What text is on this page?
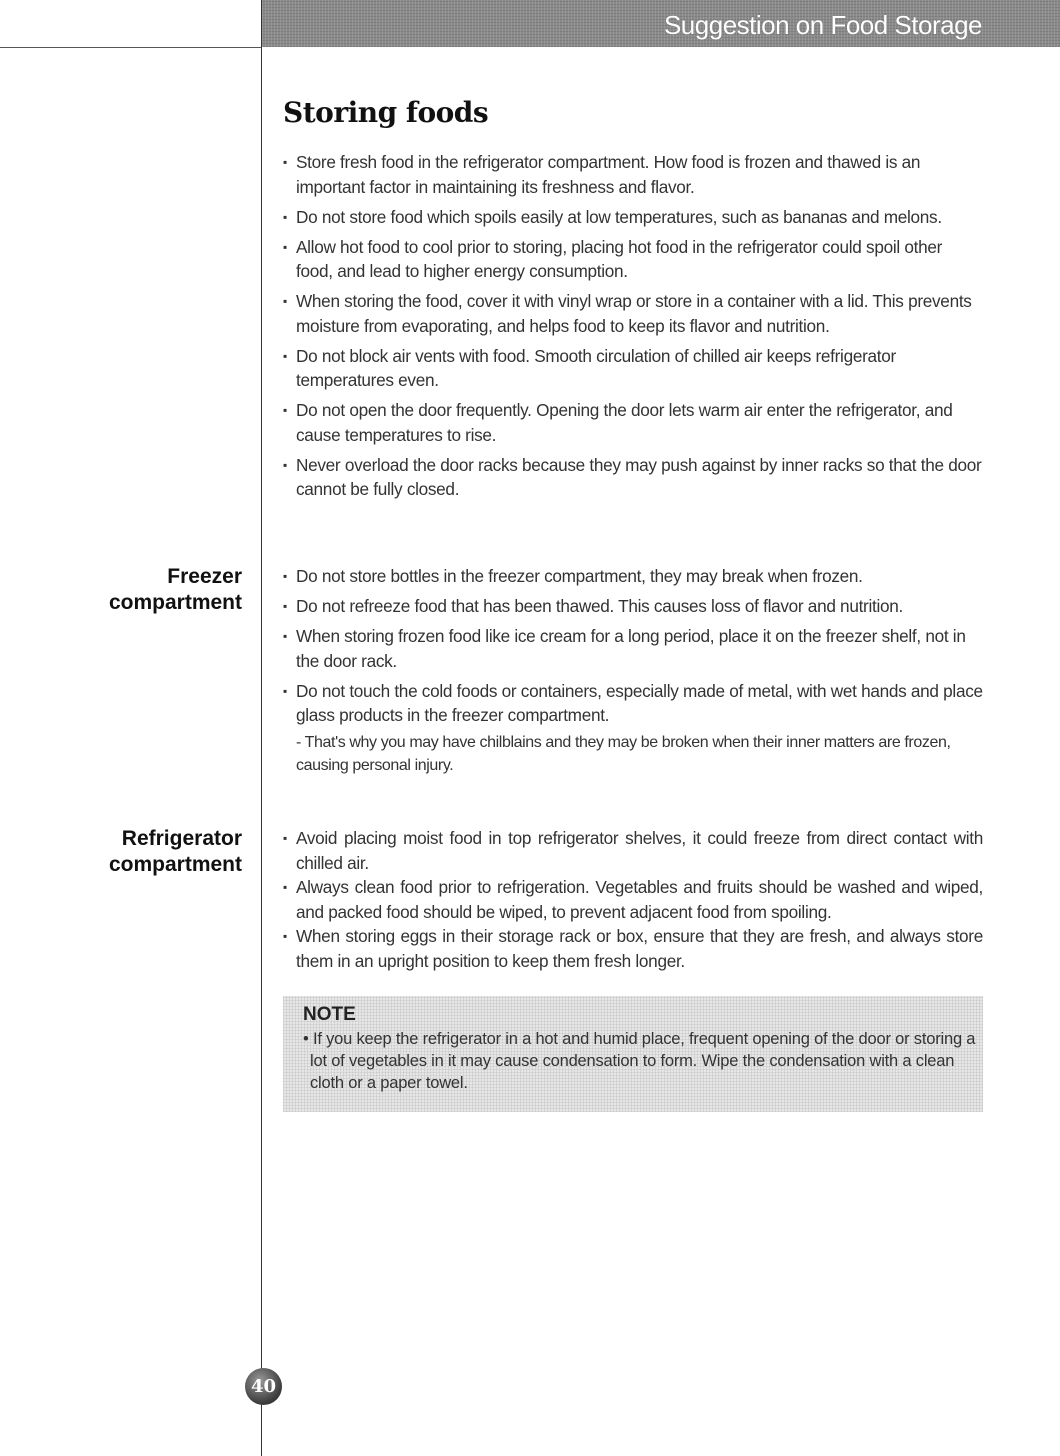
Suggestion on Food Storage
Storing foods
▪ Store fresh food in the refrigerator compartment. How food is frozen and thawed is an important factor in maintaining its freshness and flavor.
▪ Do not store food which spoils easily at low temperatures, such as bananas and melons.
▪ Allow hot food to cool prior to storing, placing hot food in the refrigerator could spoil other food, and lead to higher energy consumption.
▪ When storing the food, cover it with vinyl wrap or store in a container with a lid. This prevents moisture from evaporating, and helps food to keep its flavor and nutrition.
▪ Do not block air vents with food. Smooth circulation of chilled air keeps refrigerator temperatures even.
▪ Do not open the door frequently. Opening the door lets warm air enter the refrigerator, and cause temperatures to rise.
▪ Never overload the door racks because they may push against by inner racks so that the door cannot be fully closed.
Freezer
compartment
▪ Do not store bottles in the freezer compartment, they may break when frozen.
▪ Do not refreeze food that has been thawed. This causes loss of flavor and nutrition.
▪ When storing frozen food like ice cream for a long period, place it on the freezer shelf, not in the door rack.
▪ Do not touch the cold foods or containers, especially made of metal, with wet hands and place glass products in the freezer compartment.
- That's why you may have chilblains and they may be broken when their inner matters are frozen, causing personal injury.
Refrigerator
compartment
▪ Avoid placing moist food in top refrigerator shelves, it could freeze from direct contact with chilled air.
▪ Always clean food prior to refrigeration. Vegetables and fruits should be washed and wiped, and packed food should be wiped, to prevent adjacent food from spoiling.
▪ When storing eggs in their storage rack or box, ensure that they are fresh, and always store them in an upright position to keep them fresh longer.
NOTE
• If you keep the refrigerator in a hot and humid place, frequent opening of the door or storing a lot of vegetables in it may cause condensation to form. Wipe the condensation with a clean cloth or a paper towel.
40
